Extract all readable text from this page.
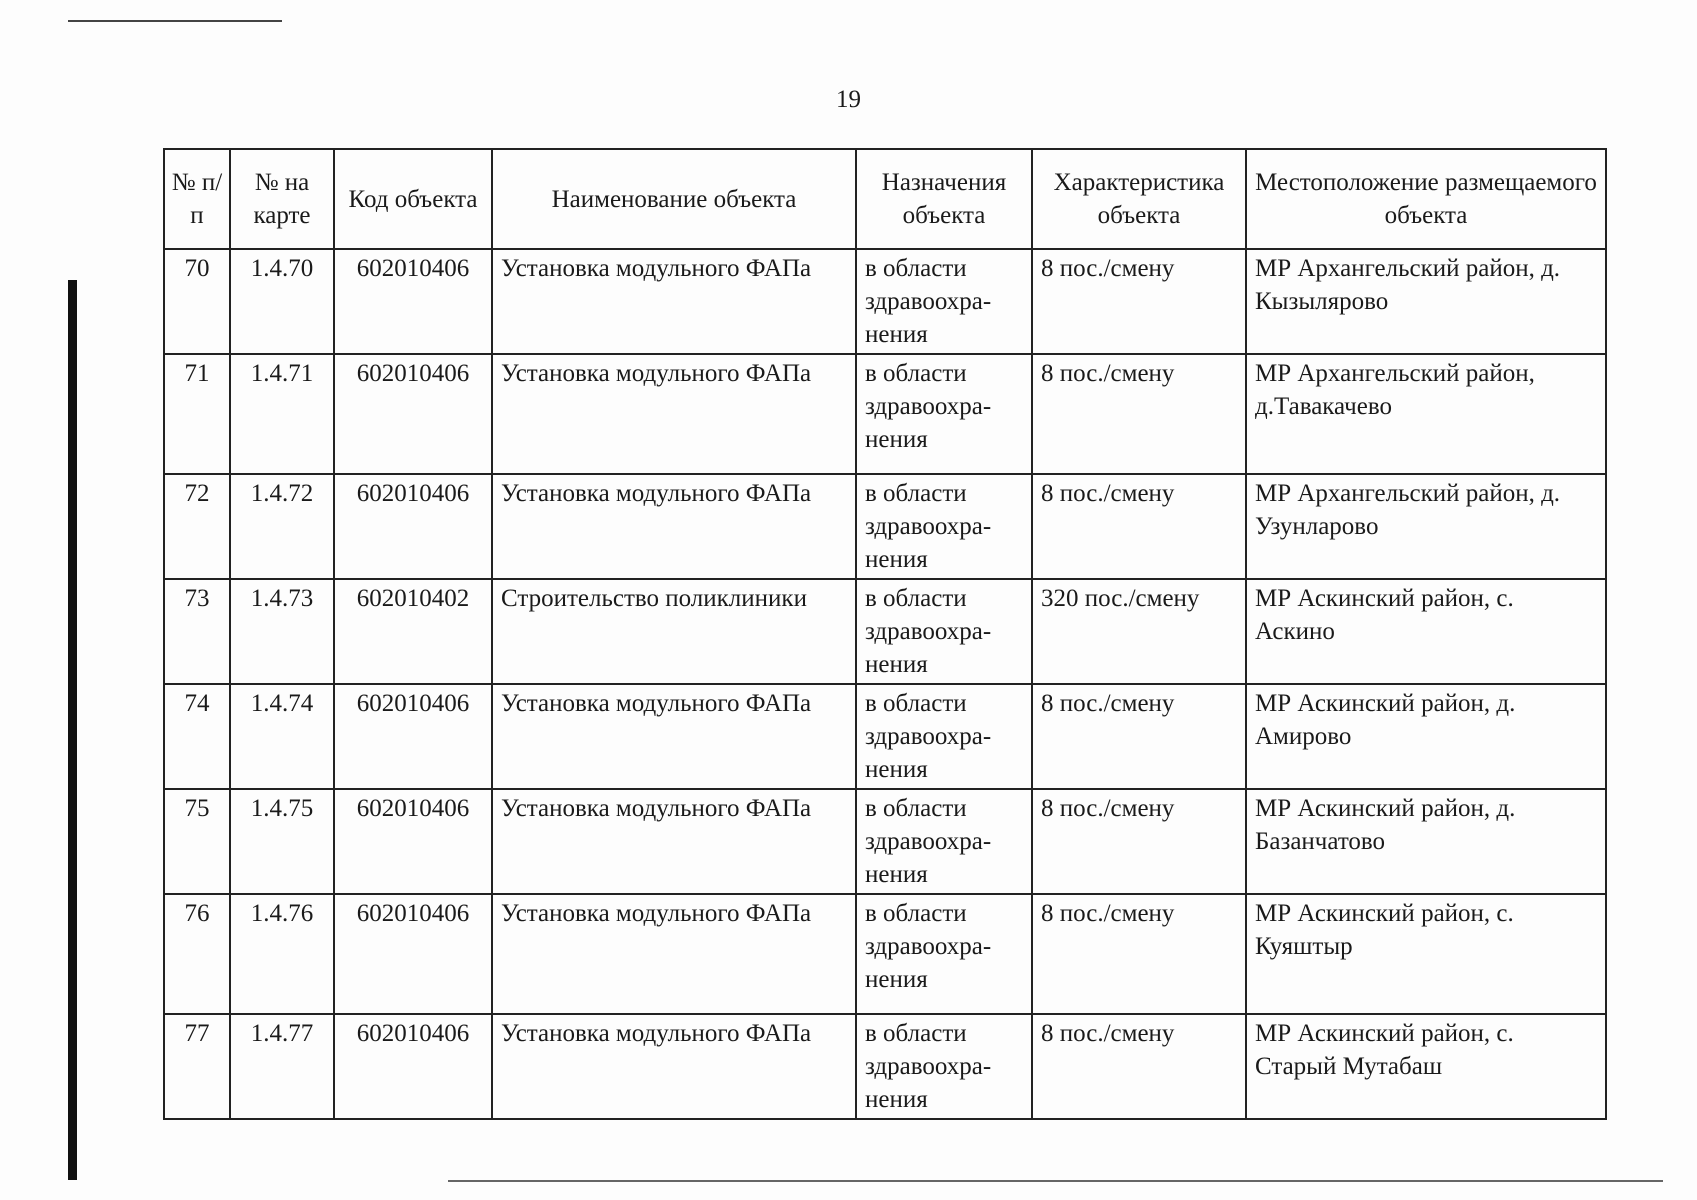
19
№ п/п	№ на карте	Код объекта	Наименование объекта	Назначения объекта	Характеристика объекта	Местоположение размещаемого объекта
70	1.4.70	602010406	Установка модульного ФАПа	в области здравоохра-нения	8 пос./смену	МР Архангельский район, д. Кызылярово
71	1.4.71	602010406	Установка модульного ФАПа	в области здравоохра-нения	8 пос./смену	МР Архангельский район, д.Тавакачево
72	1.4.72	602010406	Установка модульного ФАПа	в области здравоохра-нения	8 пос./смену	МР Архангельский район, д. Узунларово
73	1.4.73	602010402	Строительство поликлиники	в области здравоохра-нения	320 пос./смену	МР Аскинский район, с. Аскино
74	1.4.74	602010406	Установка модульного ФАПа	в области здравоохра-нения	8 пос./смену	МР Аскинский район, д. Амирово
75	1.4.75	602010406	Установка модульного ФАПа	в области здравоохра-нения	8 пос./смену	МР Аскинский район, д. Базанчатово
76	1.4.76	602010406	Установка модульного ФАПа	в области здравоохра-нения	8 пос./смену	МР Аскинский район, с. Куяштыр
77	1.4.77	602010406	Установка модульного ФАПа	в области здравоохра-нения	8 пос./смену	МР Аскинский район, с. Старый Мутабаш
